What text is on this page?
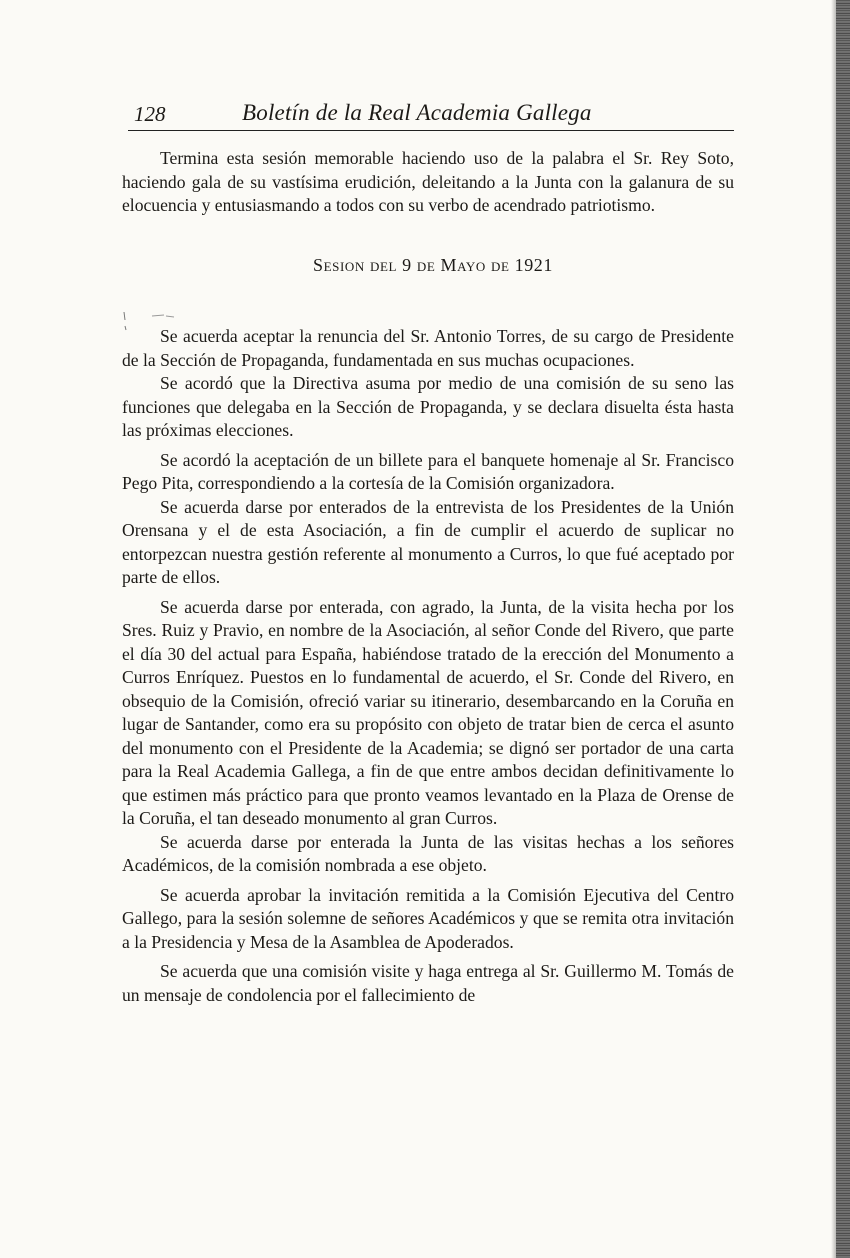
128	Boletín de la Real Academia Gallega

Termina esta sesión memorable haciendo uso de la palabra el Sr. Rey Soto, haciendo gala de su vastísima erudición, deleitando a la Junta con la galanura de su elocuencia y entusiasmando a todos con su verbo de acendrado patriotismo.

Sesion del 9 de Mayo de 1921

Se acuerda aceptar la renuncia del Sr. Antonio Torres, de su cargo de Presidente de la Sección de Propaganda, fundamentada en sus muchas ocupaciones.

Se acordó que la Directiva asuma por medio de una comisión de su seno las funciones que delegaba en la Sección de Propaganda, y se declara disuelta ésta hasta las próximas elecciones.

Se acordó la aceptación de un billete para el banquete homenaje al Sr. Francisco Pego Pita, correspondiendo a la cortesía de la Comisión organizadora.

Se acuerda darse por enterados de la entrevista de los Presidentes de la Unión Orensana y el de esta Asociación, a fin de cumplir el acuerdo de suplicar no entorpezcan nuestra gestión referente al monumento a Curros, lo que fué aceptado por parte de ellos.

Se acuerda darse por enterada, con agrado, la Junta, de la visita hecha por los Sres. Ruiz y Pravio, en nombre de la Asociación, al señor Conde del Rivero, que parte el día 30 del actual para España, habiéndose tratado de la erección del Monumento a Curros Enríquez. Puestos en lo fundamental de acuerdo, el Sr. Conde del Rivero, en obsequio de la Comisión, ofreció variar su itinerario, desembarcando en la Coruña en lugar de Santander, como era su propósito con objeto de tratar bien de cerca el asunto del monumento con el Presidente de la Academia; se dignó ser portador de una carta para la Real Academia Gallega, a fin de que entre ambos decidan definitivamente lo que estimen más práctico para que pronto veamos levantado en la Plaza de Orense de la Coruña, el tan deseado monumento al gran Curros.

Se acuerda darse por enterada la Junta de las visitas hechas a los señores Académicos, de la comisión nombrada a ese objeto.

Se acuerda aprobar la invitación remitida a la Comisión Ejecutiva del Centro Gallego, para la sesión solemne de señores Académicos y que se remita otra invitación a la Presidencia y Mesa de la Asamblea de Apoderados.

Se acuerda que una comisión visite y haga entrega al Sr. Guillermo M. Tomás de un mensaje de condolencia por el fallecimiento de
